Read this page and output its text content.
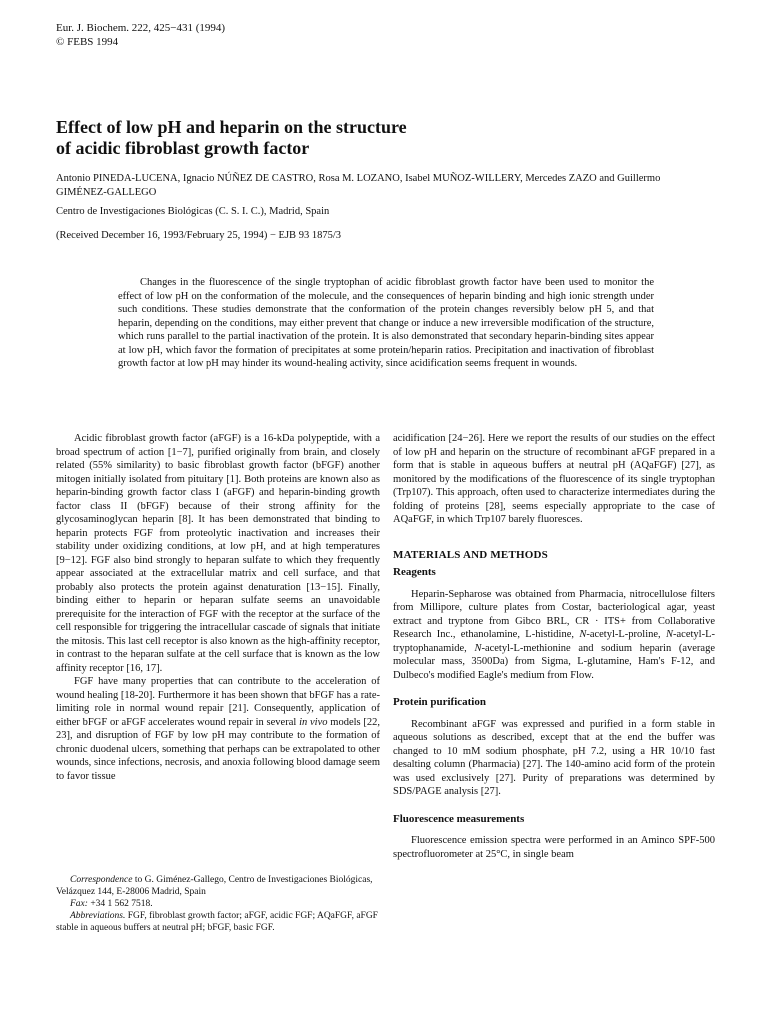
Eur. J. Biochem. 222, 425−431 (1994)
© FEBS 1994
Effect of low pH and heparin on the structure
of acidic fibroblast growth factor

Antonio PINEDA-LUCENA, Ignacio NÚÑEZ DE CASTRO, Rosa M. LOZANO, Isabel MUÑOZ-WILLERY, Mercedes ZAZO and Guillermo GIMÉNEZ-GALLEGO

Centro de Investigaciones Biológicas (C. S. I. C.), Madrid, Spain

(Received December 16, 1993/February 25, 1994) − EJB 93 1875/3

Changes in the fluorescence of the single tryptophan of acidic fibroblast growth factor have been used to monitor the effect of low pH on the conformation of the molecule, and the consequences of heparin binding and high ionic strength under such conditions. These studies demonstrate that the conformation of the protein changes reversibly below pH 5, and that heparin, depending on the conditions, may either prevent that change or induce a new irreversible modification of the structure, which runs parallel to the partial inactivation of the protein. It is also demonstrated that secondary heparin-binding sites appear at low pH, which favor the formation of precipitates at some protein/heparin ratios. Precipitation and inactivation of fibroblast growth factor at low pH may hinder its wound-healing activity, since acidification seems frequent in wounds.

Acidic fibroblast growth factor (aFGF) is a 16-kDa polypeptide, with a broad spectrum of action [1−7], purified originally from brain, and closely related (55% similarity) to basic fibroblast growth factor (bFGF) another mitogen initially isolated from pituitary [1]. Both proteins are known also as heparin-binding growth factor class I (aFGF) and heparin-binding growth factor class II (bFGF) because of their strong affinity for the glycosaminoglycan heparin [8]. It has been demonstrated that binding to heparin protects FGF from proteolytic inactivation and increases their stability under oxidizing conditions, at low pH, and at high temperatures [9−12]. FGF also bind strongly to heparan sulfate to which they frequently appear associated at the extracellular matrix and cell surface, and that probably also protects the protein against denaturation [13−15]. Finally, binding either to heparin or heparan sulfate seems an unavoidable prerequisite for the interaction of FGF with the receptor at the surface of the cell responsible for triggering the intracellular cascade of signals that initiate the mitosis. This last cell receptor is also known as the high-affinity receptor, in contrast to the heparan sulfate at the cell surface that is known as the low affinity receptor [16, 17].

FGF have many properties that can contribute to the acceleration of wound healing [18-20]. Furthermore it has been shown that bFGF has a rate-limiting role in normal wound repair [21]. Consequently, application of either bFGF or aFGF accelerates wound repair in several in vivo models [22, 23], and disruption of FGF by low pH may contribute to the formation of chronic duodenal ulcers, something that perhaps can be extrapolated to other wounds, since infections, necrosis, and anoxia following blood damage seem to favor tissue

Correspondence to G. Giménez-Gallego, Centro de Investigaciones Biológicas, Velázquez 144, E-28006 Madrid, Spain

Fax: +34 1 562 7518.

Abbreviations. FGF, fibroblast growth factor; aFGF, acidic FGF; AQaFGF, aFGF stable in aqueous buffers at neutral pH; bFGF, basic FGF.

acidification [24−26]. Here we report the results of our studies on the effect of low pH and heparin on the structure of recombinant aFGF prepared in a form that is stable in aqueous buffers at neutral pH (AQaFGF) [27], as monitored by the modifications of the fluorescence of its single tryptophan (Trp107). This approach, often used to characterize intermediates during the folding of proteins [28], seems especially appropriate to the case of AQaFGF, in which Trp107 barely fluoresces.

MATERIALS AND METHODS
Reagents

Heparin-Sepharose was obtained from Pharmacia, nitrocellulose filters from Millipore, culture plates from Costar, bacteriological agar, yeast extract and tryptone from Gibco BRL, CR · ITS+ from Collaborative Research Inc., ethanolamine, L-histidine, N-acetyl-L-proline, N-acetyl-L-tryptophanamide, N-acetyl-L-methionine and sodium heparin (average molecular mass, 3500Da) from Sigma, L-glutamine, Ham's F-12, and Dulbeco's modified Eagle's medium from Flow.

Protein purification

Recombinant aFGF was expressed and purified in a form stable in aqueous solutions as described, except that at the end the buffer was changed to 10 mM sodium phosphate, pH 7.2, using a HR 10/10 fast desalting column (Pharmacia) [27]. The 140-amino acid form of the protein was used exclusively [27]. Purity of preparations was determined by SDS/PAGE analysis [27].

Fluorescence measurements

Fluorescence emission spectra were performed in an Aminco SPF-500 spectrofluorometer at 25°C, in single beam
